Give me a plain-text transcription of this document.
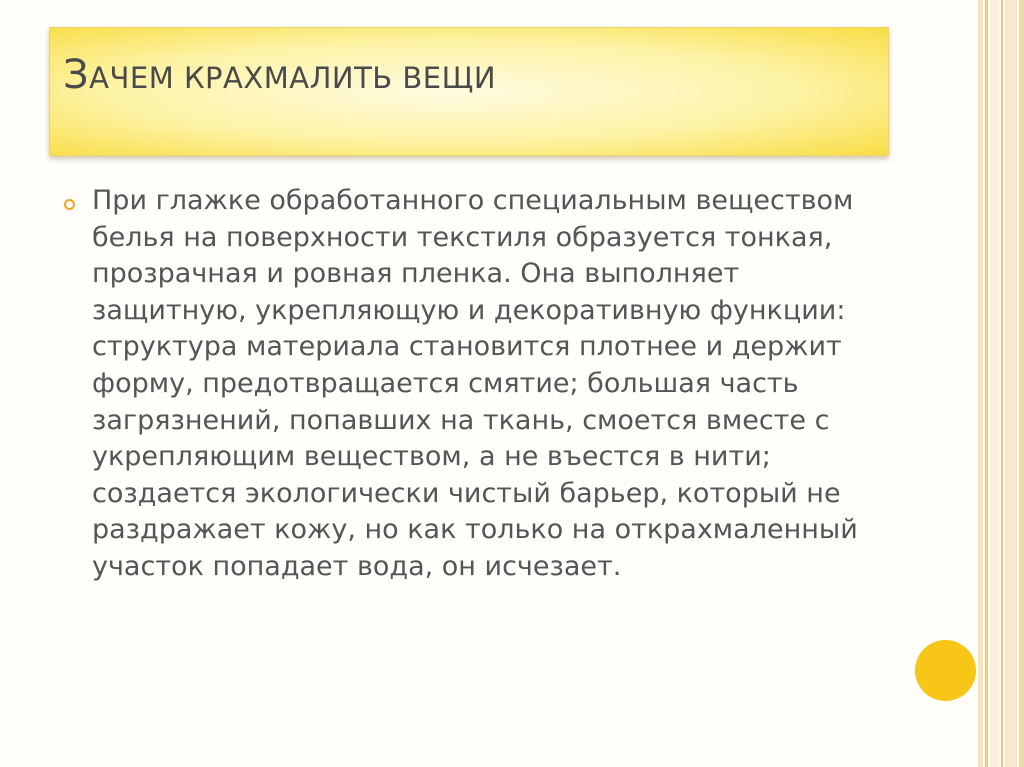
ЗАЧЕМ КРАХМАЛИТЬ ВЕЩИ
При глажке обработанного специальным веществом белья на поверхности текстиля образуется тонкая, прозрачная и ровная пленка. Она выполняет защитную, укрепляющую и декоративную функции: структура материала становится плотнее и держит форму, предотвращается смятие; большая часть загрязнений, попавших на ткань, смоется вместе с укрепляющим веществом, а не въестся в нити; создается экологически чистый барьер, который не раздражает кожу, но как только на открахмаленный участок попадает вода, он исчезает.
